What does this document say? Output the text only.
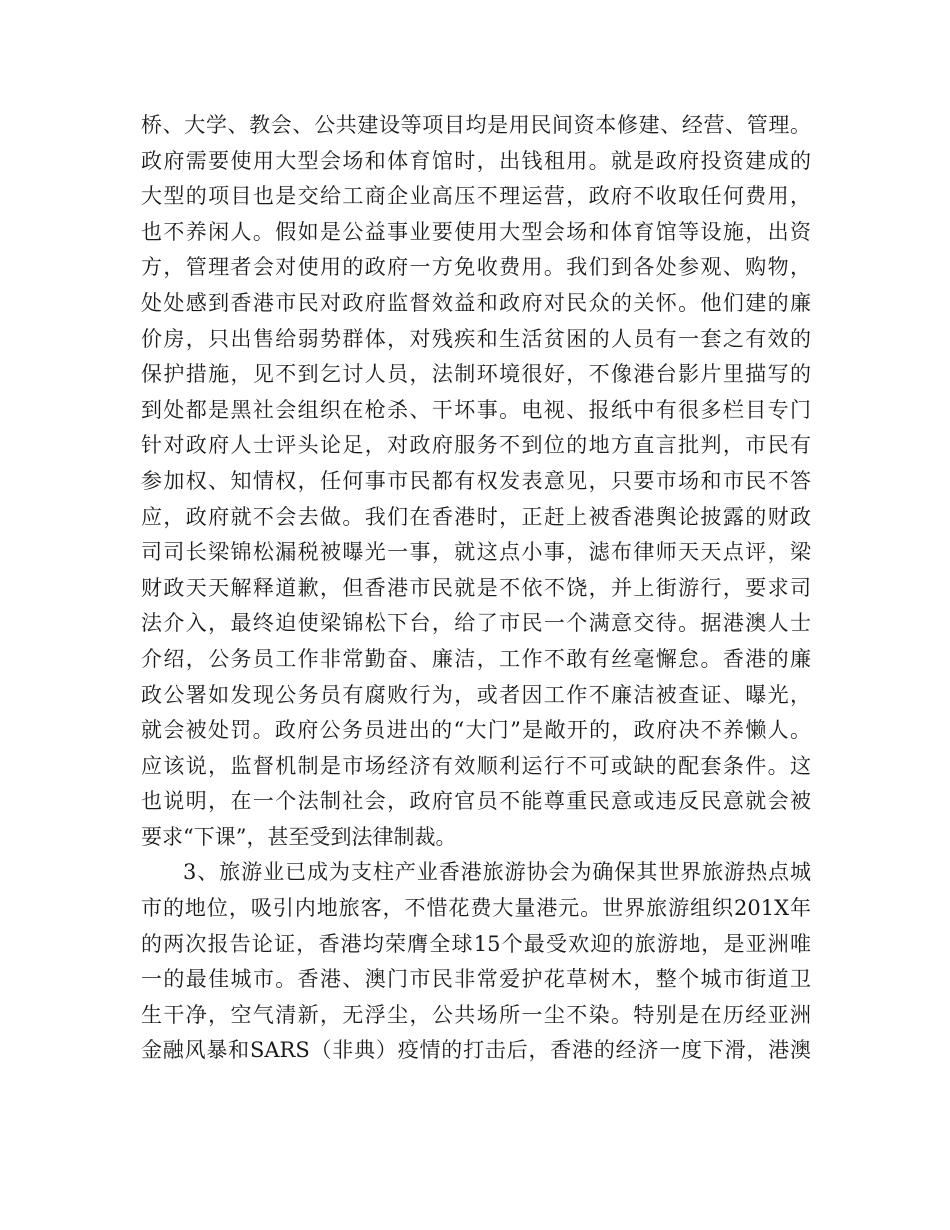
桥、大学、教会、公共建设等项目均是用民间资本修建、经营、管理。
政府需要使用大型会场和体育馆时，出钱租用。就是政府投资建成的
大型的项目也是交给工商企业高压不理运营，政府不收取任何费用，
也不养闲人。假如是公益事业要使用大型会场和体育馆等设施，出资
方，管理者会对使用的政府一方免收费用。我们到各处参观、购物，
处处感到香港市民对政府监督效益和政府对民众的关怀。他们建的廉
价房，只出售给弱势群体，对残疾和生活贫困的人员有一套之有效的
保护措施，见不到乞讨人员，法制环境很好，不像港台影片里描写的
到处都是黑社会组织在枪杀、干坏事。电视、报纸中有很多栏目专门
针对政府人士评头论足，对政府服务不到位的地方直言批判，市民有
参加权、知情权，任何事市民都有权发表意见，只要市场和市民不答
应，政府就不会去做。我们在香港时，正赶上被香港舆论披露的财政
司司长梁锦松漏税被曝光一事，就这点小事，滤布律师天天点评，梁
财政天天解释道歉，但香港市民就是不依不饶，并上街游行，要求司
法介入，最终迫使梁锦松下台，给了市民一个满意交待。据港澳人士
介绍，公务员工作非常勤奋、廉洁，工作不敢有丝毫懈怠。香港的廉
政公署如发现公务员有腐败行为，或者因工作不廉洁被查证、曝光，
就会被处罚。政府公务员进出的“大门”是敞开的，政府决不养懒人。
应该说，监督机制是市场经济有效顺利运行不可或缺的配套条件。这
也说明，在一个法制社会，政府官员不能尊重民意或违反民意就会被
要求“下课”，甚至受到法律制裁。
3、旅游业已成为支柱产业香港旅游协会为确保其世界旅游热点城
市的地位，吸引内地旅客，不惜花费大量港元。世界旅游组织201X年
的两次报告论证，香港均荣膺全球15个最受欢迎的旅游地，是亚洲唯
一的最佳城市。香港、澳门市民非常爱护花草树木，整个城市街道卫
生干净，空气清新，无浮尘，公共场所一尘不染。特别是在历经亚洲
金融风暴和SARS（非典）疫情的打击后，香港的经济一度下滑，港澳
